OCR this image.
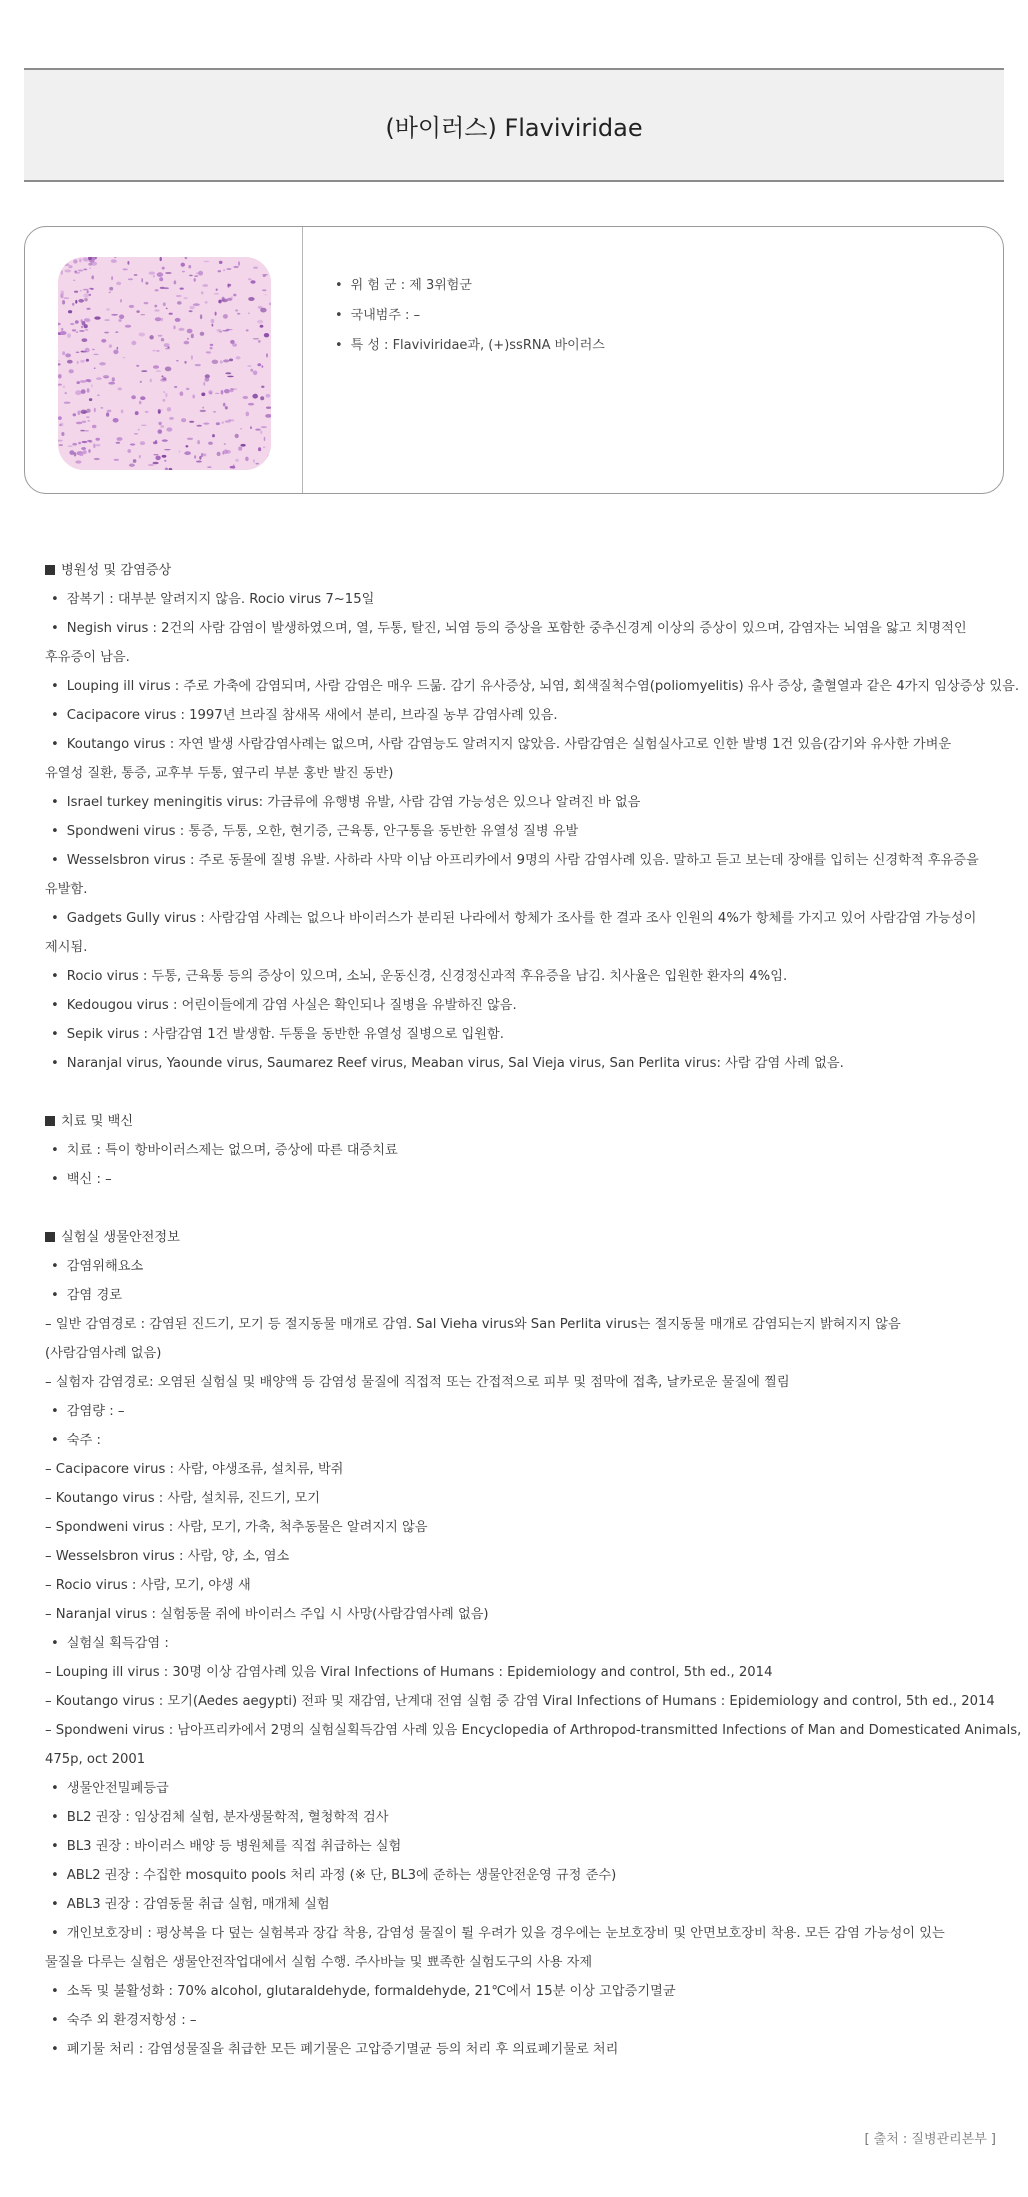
(바이러스) Flaviviridae
• 위 험 군 : 제 3위험군
• 국내범주 : –
• 특 성 : Flaviviridae과, (+)ssRNA 바이러스
병원성 및 감염증상
• 잠복기 : 대부분 알려지지 않음. Rocio virus 7~15일
• Negish virus : 2건의 사람 감염이 발생하였으며, 열, 두통, 탈진, 뇌염 등의 증상을 포함한 중추신경계 이상의 증상이 있으며, 감염자는 뇌염을 앓고 치명적인
후유증이 남음.
• Louping ill virus : 주로 가축에 감염되며, 사람 감염은 매우 드묾. 감기 유사증상, 뇌염, 회색질척수염(poliomyelitis) 유사 증상, 출혈열과 같은 4가지 임상증상 있음.
• Cacipacore virus : 1997년 브라질 참새목 새에서 분리, 브라질 농부 감염사례 있음.
• Koutango virus : 자연 발생 사람감염사례는 없으며, 사람 감염능도 알려지지 않았음. 사람감염은 실험실사고로 인한 발병 1건 있음(감기와 유사한 가벼운
유열성 질환, 통증, 교후부 두통, 옆구리 부분 홍반 발진 동반)
• Israel turkey meningitis virus: 가금류에 유행병 유발, 사람 감염 가능성은 있으나 알려진 바 없음
• Spondweni virus : 통증, 두통, 오한, 현기증, 근육통, 안구통을 동반한 유열성 질병 유발
• Wesselsbron virus : 주로 동물에 질병 유발. 사하라 사막 이남 아프리카에서 9명의 사람 감염사례 있음. 말하고 듣고 보는데 장애를 입히는 신경학적 후유증을
유발함.
• Gadgets Gully virus : 사람감염 사례는 없으나 바이러스가 분리된 나라에서 항체가 조사를 한 결과 조사 인원의 4%가 항체를 가지고 있어 사람감염 가능성이
제시됨.
• Rocio virus : 두통, 근육통 등의 증상이 있으며, 소뇌, 운동신경, 신경정신과적 후유증을 남김. 치사율은 입원한 환자의 4%임.
• Kedougou virus : 어린이들에게 감염 사실은 확인되나 질병을 유발하진 않음.
• Sepik virus : 사람감염 1건 발생함. 두통을 동반한 유열성 질병으로 입원함.
• Naranjal virus, Yaounde virus, Saumarez Reef virus, Meaban virus, Sal Vieja virus, San Perlita virus: 사람 감염 사례 없음.
치료 및 백신
• 치료 : 특이 항바이러스제는 없으며, 증상에 따른 대증치료
• 백신 : –
실험실 생물안전정보
• 감염위해요소
• 감염 경로
– 일반 감염경로 : 감염된 진드기, 모기 등 절지동물 매개로 감염. Sal Vieha virus와 San Perlita virus는 절지동물 매개로 감염되는지 밝혀지지 않음
(사람감염사례 없음)
– 실험자 감염경로: 오염된 실험실 및 배양액 등 감염성 물질에 직접적 또는 간접적으로 피부 및 점막에 접촉, 날카로운 물질에 찔림
• 감염량 : –
• 숙주 :
– Cacipacore virus : 사람, 야생조류, 설치류, 박쥐
– Koutango virus : 사람, 설치류, 진드기, 모기
– Spondweni virus : 사람, 모기, 가축, 척추동물은 알려지지 않음
– Wesselsbron virus : 사람, 양, 소, 염소
– Rocio virus : 사람, 모기, 야생 새
– Naranjal virus : 실험동물 쥐에 바이러스 주입 시 사망(사람감염사례 없음)
• 실험실 획득감염 :
– Louping ill virus : 30명 이상 감염사례 있음 Viral Infections of Humans : Epidemiology and control, 5th ed., 2014
– Koutango virus : 모기(Aedes aegypti) 전파 및 재감염, 난계대 전염 실험 중 감염 Viral Infections of Humans : Epidemiology and control, 5th ed., 2014
– Spondweni virus : 남아프리카에서 2명의 실험실획득감염 사례 있음 Encyclopedia of Arthropod-transmitted Infections of Man and Domesticated Animals,
475p, oct 2001
• 생물안전밀폐등급
• BL2 권장 : 임상검체 실험, 분자생물학적, 혈청학적 검사
• BL3 권장 : 바이러스 배양 등 병원체를 직접 취급하는 실험
• ABL2 권장 : 수집한 mosquito pools 처리 과정 (※ 단, BL3에 준하는 생물안전운영 규정 준수)
• ABL3 권장 : 감염동물 취급 실험, 매개체 실험
• 개인보호장비 : 평상복을 다 덮는 실험복과 장갑 착용, 감염성 물질이 튈 우려가 있을 경우에는 눈보호장비 및 안면보호장비 착용. 모든 감염 가능성이 있는
물질을 다루는 실험은 생물안전작업대에서 실험 수행. 주사바늘 및 뾰족한 실험도구의 사용 자제
• 소독 및 불활성화 : 70% alcohol, glutaraldehyde, formaldehyde, 21℃에서 15분 이상 고압증기멸균
• 숙주 외 환경저항성 : –
• 폐기물 처리 : 감염성물질을 취급한 모든 폐기물은 고압증기멸균 등의 처리 후 의료폐기물로 처리
[ 출처 : 질병관리본부 ]
